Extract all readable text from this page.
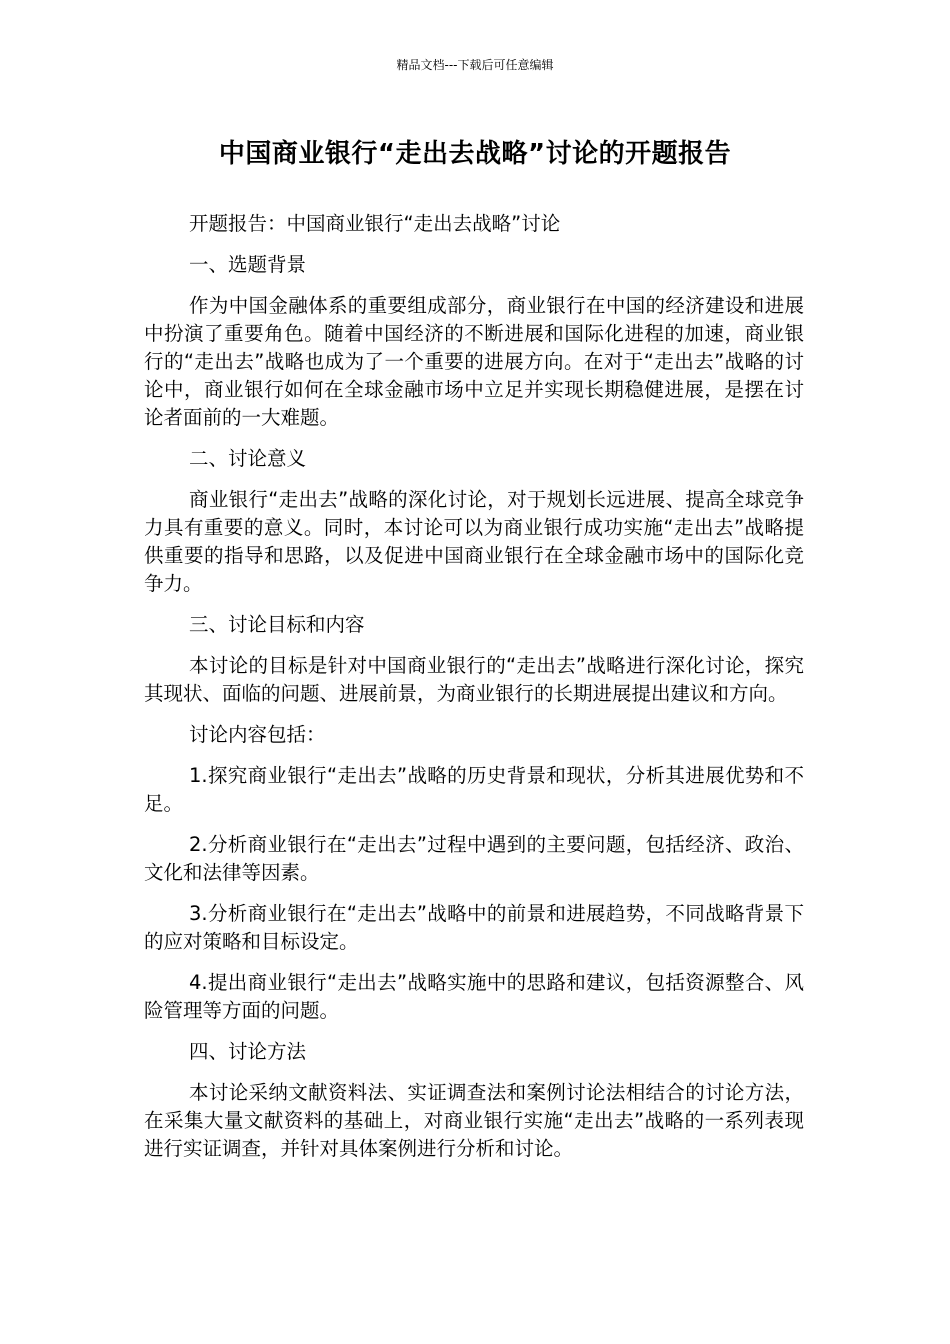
精品文档---下载后可任意编辑
中国商业银行“走出去战略”讨论的开题报告

开题报告：中国商业银行“走出去战略”讨论

一、选题背景

作为中国金融体系的重要组成部分，商业银行在中国的经济建设和进展中扮演了重要角色。随着中国经济的不断进展和国际化进程的加速，商业银行的“走出去”战略也成为了一个重要的进展方向。在对于“走出去”战略的讨论中，商业银行如何在全球金融市场中立足并实现长期稳健进展，是摆在讨论者面前的一大难题。

二、讨论意义

商业银行“走出去”战略的深化讨论，对于规划长远进展、提高全球竞争力具有重要的意义。同时，本讨论可以为商业银行成功实施“走出去”战略提供重要的指导和思路，以及促进中国商业银行在全球金融市场中的国际化竞争力。

三、讨论目标和内容

本讨论的目标是针对中国商业银行的“走出去”战略进行深化讨论，探究其现状、面临的问题、进展前景，为商业银行的长期进展提出建议和方向。

讨论内容包括：

1.探究商业银行“走出去”战略的历史背景和现状，分析其进展优势和不足。

2.分析商业银行在“走出去”过程中遇到的主要问题，包括经济、政治、文化和法律等因素。

3.分析商业银行在“走出去”战略中的前景和进展趋势，不同战略背景下的应对策略和目标设定。

4.提出商业银行“走出去”战略实施中的思路和建议，包括资源整合、风险管理等方面的问题。

四、讨论方法

本讨论采纳文献资料法、实证调查法和案例讨论法相结合的讨论方法，在采集大量文献资料的基础上，对商业银行实施“走出去”战略的一系列表现进行实证调查，并针对具体案例进行分析和讨论。
